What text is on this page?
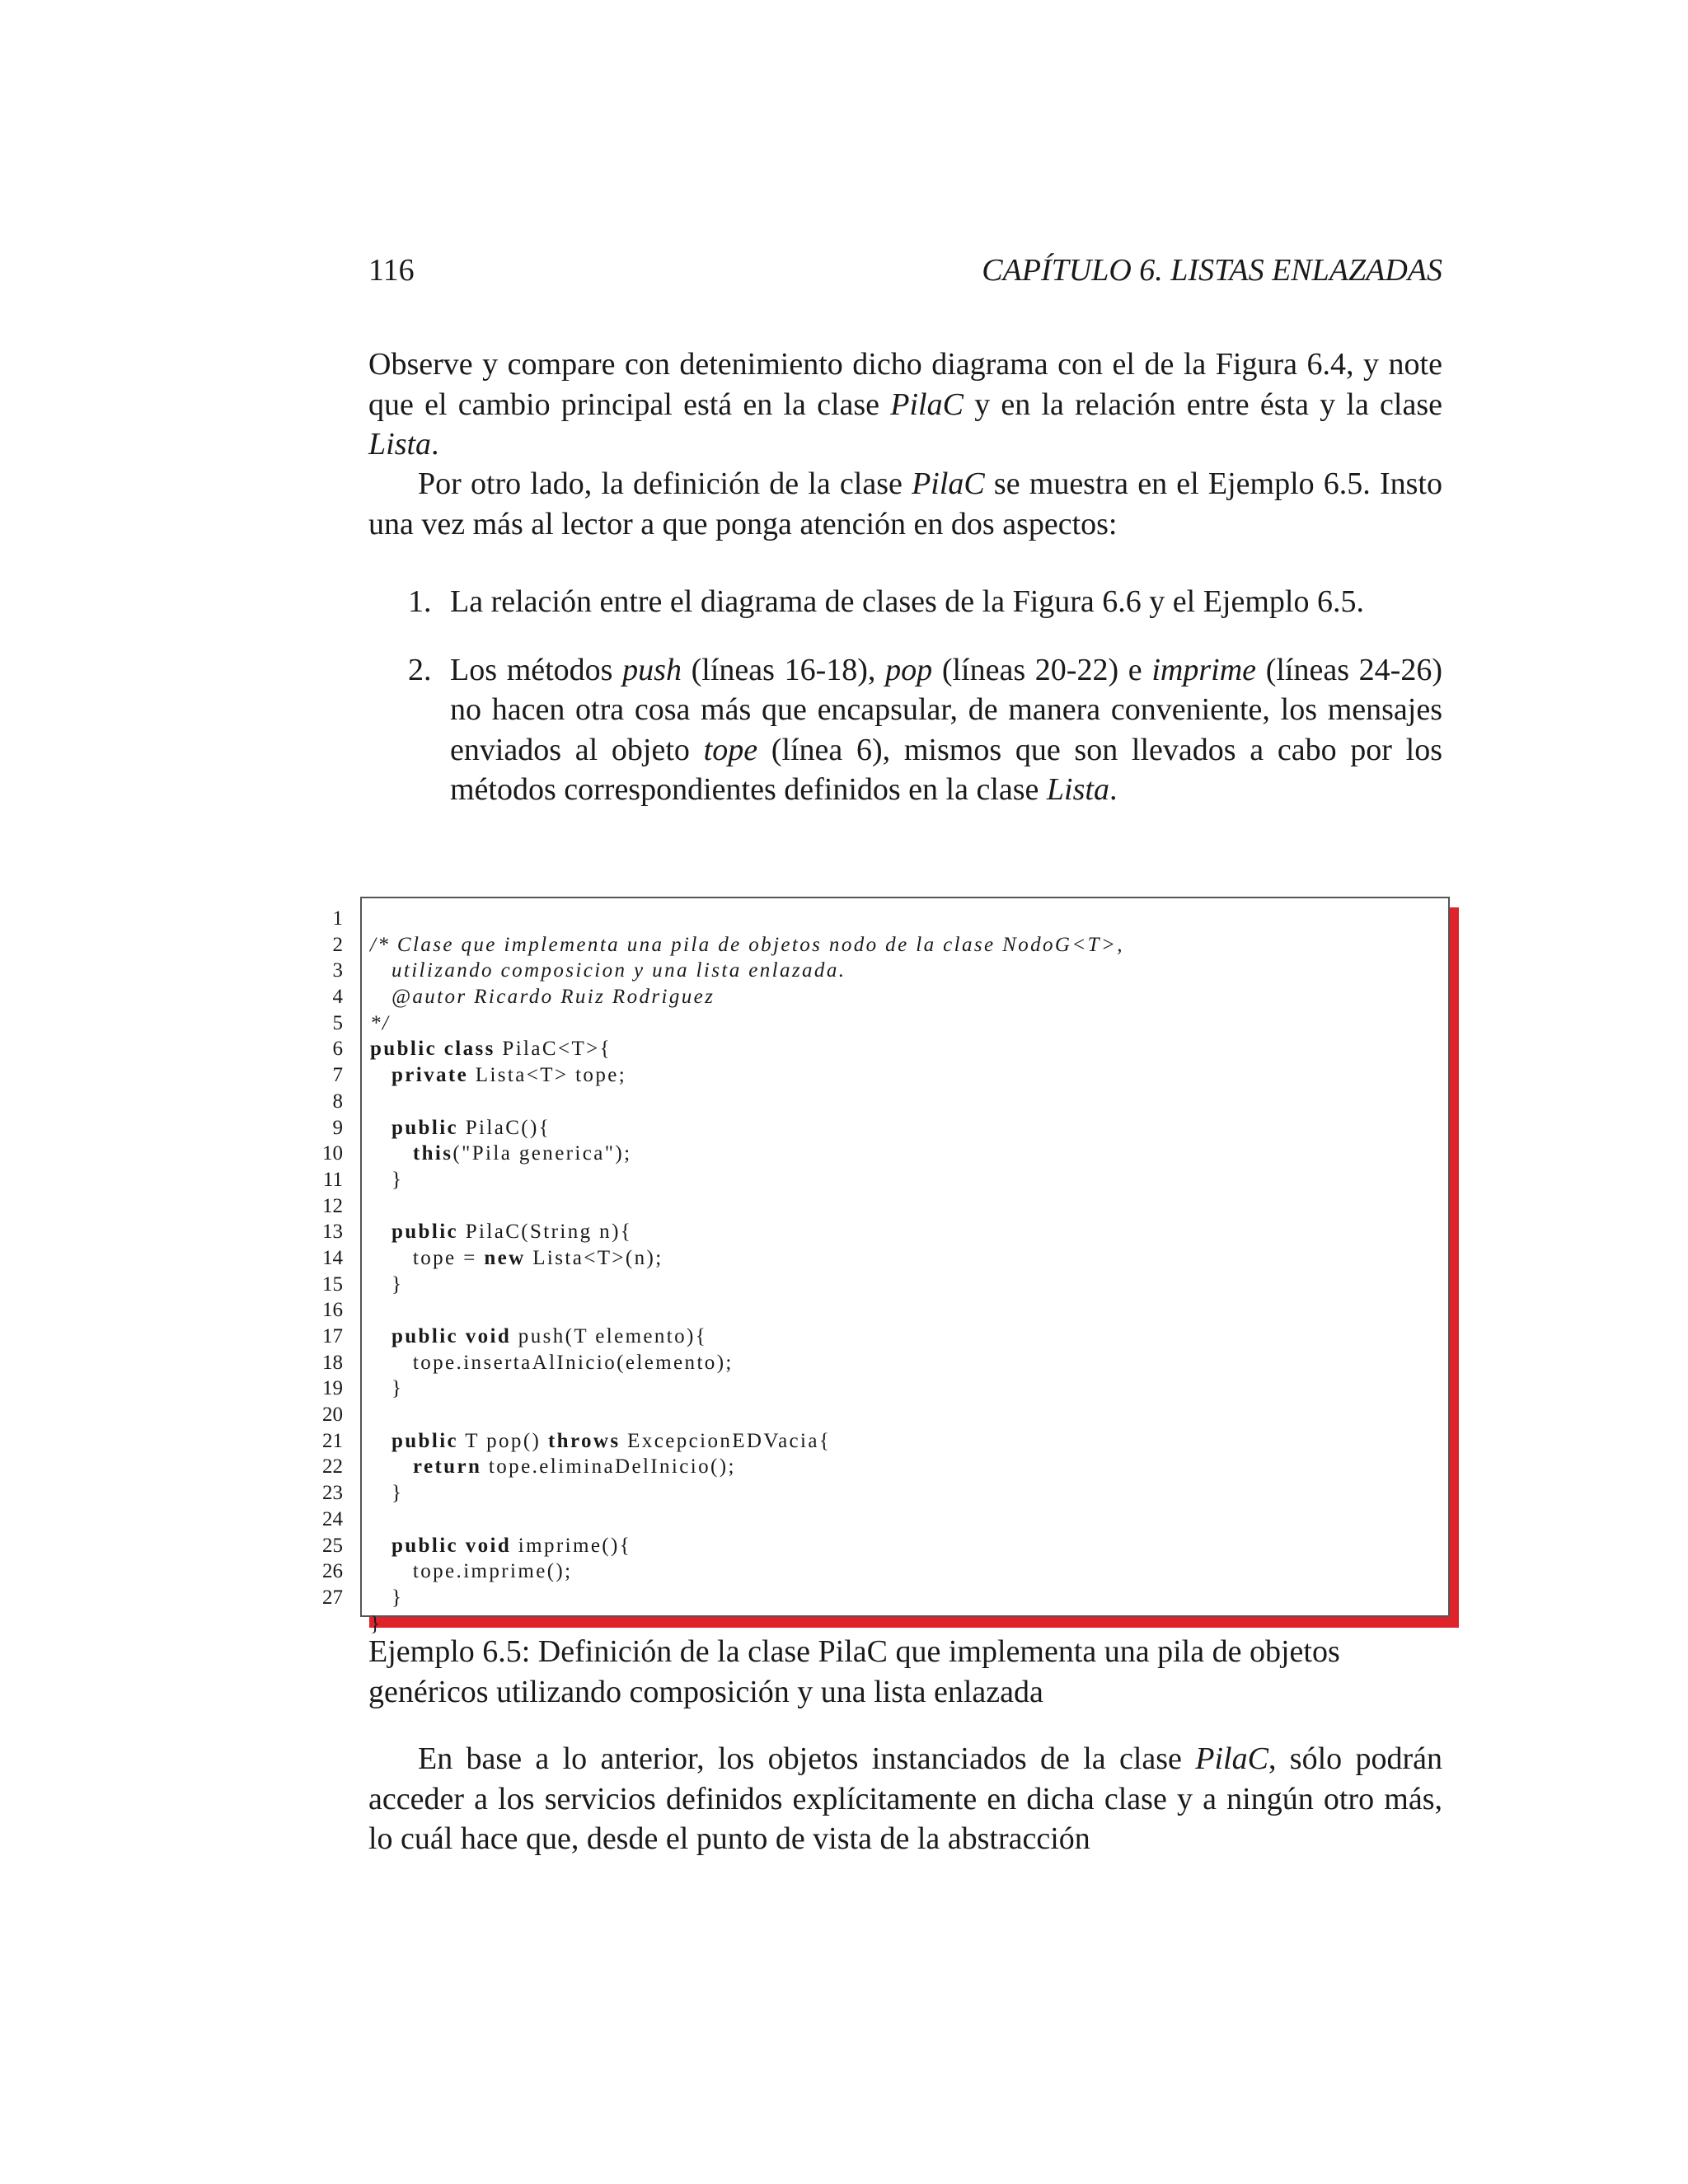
116	CAPÍTULO 6. LISTAS ENLAZADAS
Observe y compare con detenimiento dicho diagrama con el de la Figura 6.4, y note que el cambio principal está en la clase PilaC y en la relación entre ésta y la clase Lista.
Por otro lado, la definición de la clase PilaC se muestra en el Ejemplo 6.5. Insto una vez más al lector a que ponga atención en dos aspectos:
1. La relación entre el diagrama de clases de la Figura 6.6 y el Ejemplo 6.5.
2. Los métodos push (líneas 16-18), pop (líneas 20-22) e imprime (líneas 24-26) no hacen otra cosa más que encapsular, de manera conveniente, los mensajes enviados al objeto tope (línea 6), mismos que son llevados a cabo por los métodos correspondientes definidos en la clase Lista.
1
2
3
4
5
6
7
8
9
10
11
12
13
14
15
16
17
18
19
20
21
22
23
24
25
26
27

/* Clase que implementa una pila de objetos nodo de la clase NodoG<T>,
utilizando composicion y una lista enlazada.
@autor Ricardo Ruiz Rodriguez
*/
public class PilaC<T>{
private Lista<T> tope;
public PilaC(){
this("Pila generica");
}
public PilaC(String n){
tope = new Lista<T>(n);
}
public void push(T elemento){
tope.insertaAlInicio(elemento);
}
public T pop() throws ExcepcionEDVacia{
return tope.eliminaDelInicio();
}
public void imprime(){
tope.imprime();
}
}

Ejemplo 6.5: Definición de la clase PilaC que implementa una pila de objetos genéricos utilizando composición y una lista enlazada
En base a lo anterior, los objetos instanciados de la clase PilaC, sólo podrán acceder a los servicios definidos explícitamente en dicha clase y a ningún otro más, lo cuál hace que, desde el punto de vista de la abstracción
